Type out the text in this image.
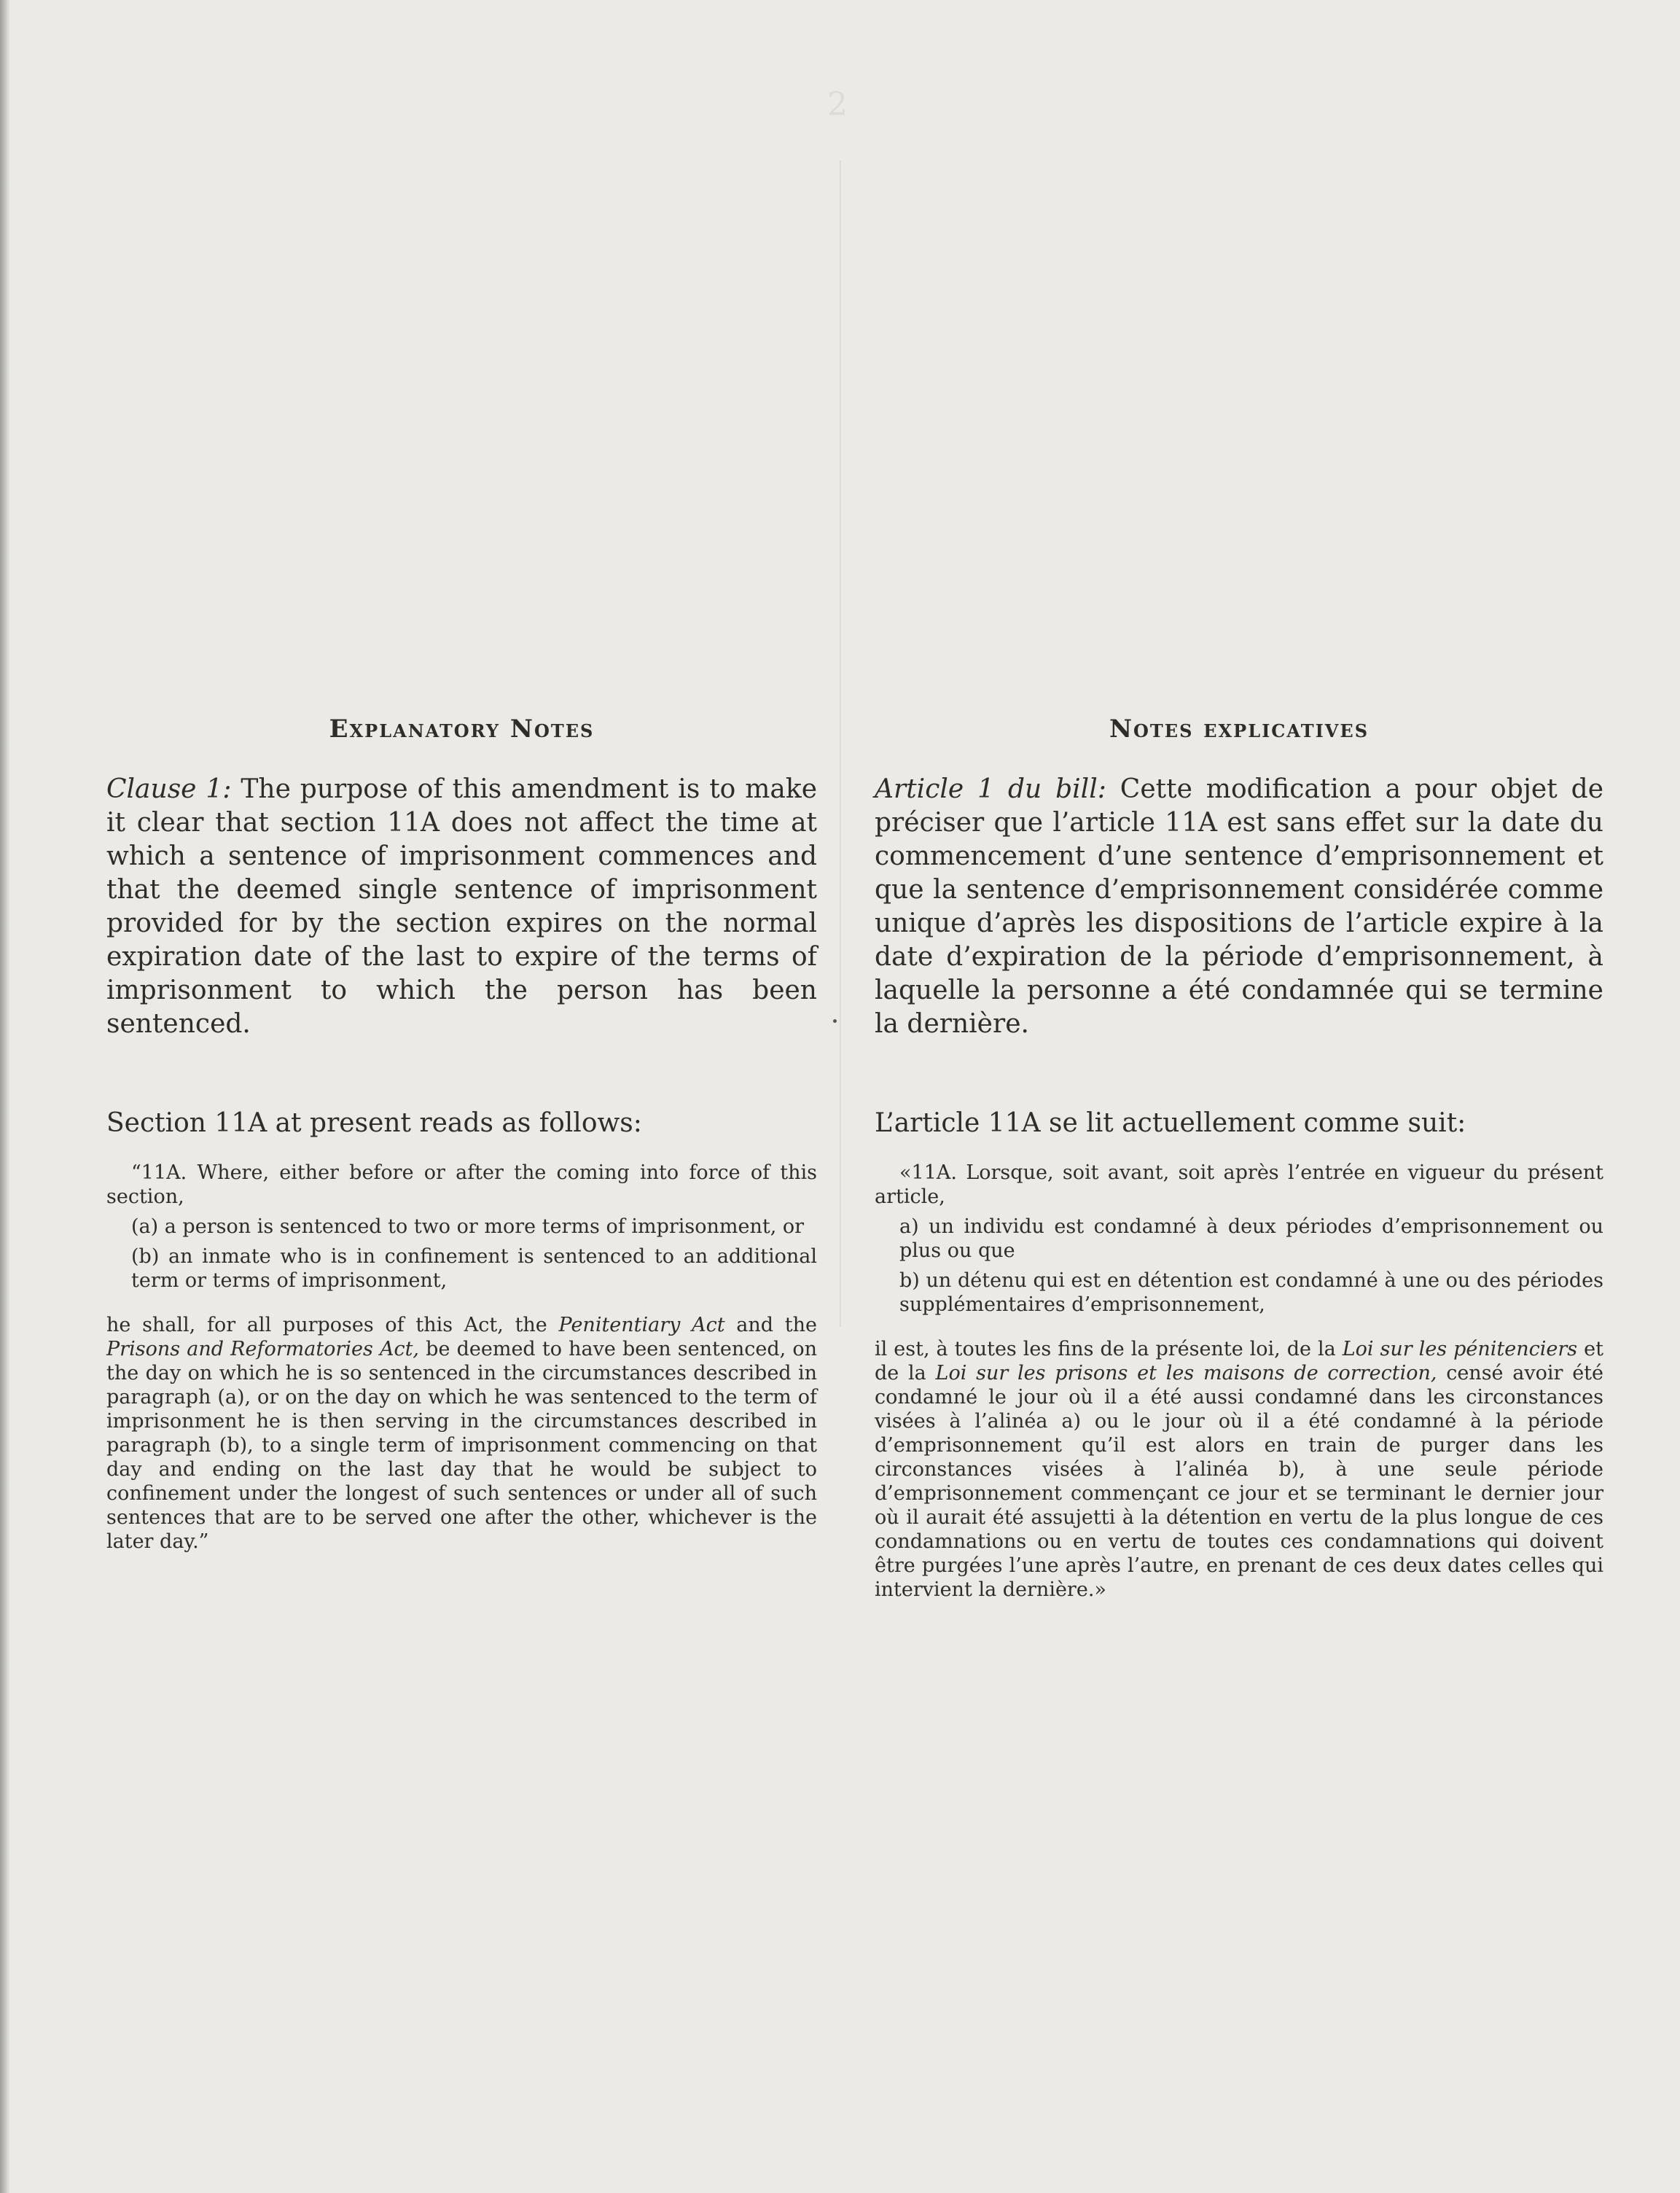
2
Explanatory Notes

Clause 1: The purpose of this amendment is to make it clear that section 11A does not affect the time at which a sentence of imprisonment commences and that the deemed single sentence of imprisonment provided for by the section expires on the normal expiration date of the last to expire of the terms of imprisonment to which the person has been sentenced.

Section 11A at present reads as follows:

“11A. Where, either before or after the coming into force of this section,

(a) a person is sentenced to two or more terms of imprisonment, or

(b) an inmate who is in confinement is sentenced to an additional term or terms of imprisonment,

he shall, for all purposes of this Act, the Penitentiary Act and the Prisons and Reformatories Act, be deemed to have been sentenced, on the day on which he is so sentenced in the circumstances described in paragraph (a), or on the day on which he was sentenced to the term of imprisonment he is then serving in the circumstances described in paragraph (b), to a single term of imprisonment commencing on that day and ending on the last day that he would be subject to confinement under the longest of such sentences or under all of such sentences that are to be served one after the other, whichever is the later day.”

Notes explicatives

Article 1 du bill: Cette modification a pour objet de préciser que l’article 11A est sans effet sur la date du commencement d’une sentence d’emprisonnement et que la sentence d’emprisonnement considérée comme unique d’après les dispositions de l’article expire à la date d’expiration de la période d’emprisonnement, à laquelle la personne a été condamnée qui se termine la dernière.

L’article 11A se lit actuellement comme suit:

«11A. Lorsque, soit avant, soit après l’entrée en vigueur du présent article,

a) un individu est condamné à deux périodes d’emprisonnement ou plus ou que

b) un détenu qui est en détention est condamné à une ou des périodes supplémentaires d’emprisonnement,

il est, à toutes les fins de la présente loi, de la Loi sur les pénitenciers et de la Loi sur les prisons et les maisons de correction, censé avoir été condamné le jour où il a été aussi condamné dans les circonstances visées à l’alinéa a) ou le jour où il a été condamné à la période d’emprisonnement qu’il est alors en train de purger dans les circonstances visées à l’alinéa b), à une seule période d’emprisonnement commençant ce jour et se terminant le dernier jour où il aurait été assujetti à la détention en vertu de la plus longue de ces condamnations ou en vertu de toutes ces condamnations qui doivent être purgées l’une après l’autre, en prenant de ces deux dates celles qui intervient la dernière.»
